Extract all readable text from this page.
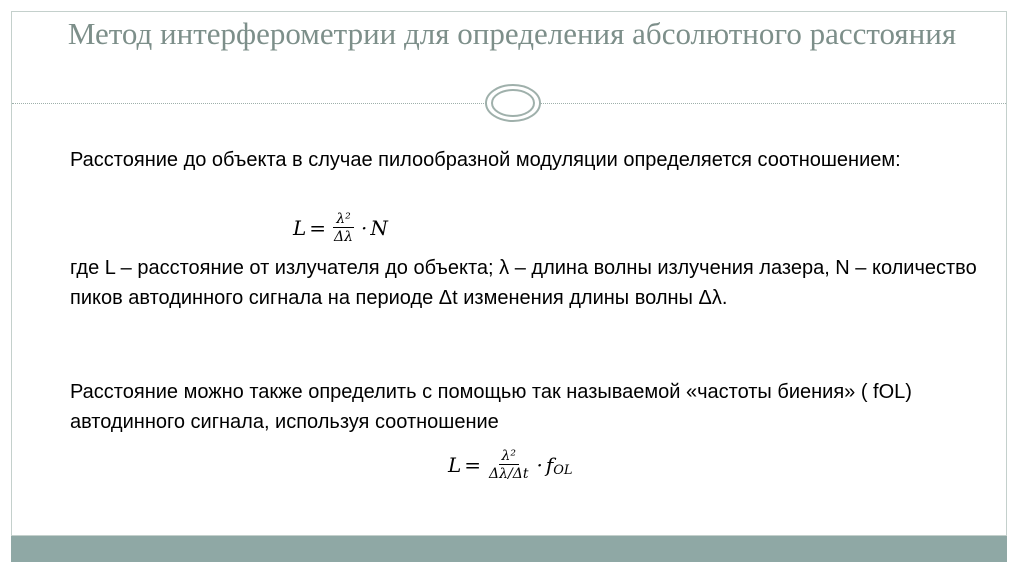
Метод интерферометрии для определения абсолютного расстояния
Расстояние до объекта в случае пилообразной модуляции определяется соотношением:
$L = \frac{\text{λ²}}{\Delta\lambda} \cdot N$
где L – расстояние от излучателя до объекта; λ – длина волны излучения лазера, N – количество пиков автодинного сигнала на периоде Δt изменения длины волны Δλ.
Расстояние можно также определить с помощью так называемой «частоты биения» ( fOL) автодинного сигнала, используя соотношение
$L = \frac{\text{λ²}}{\Delta\lambda/\Delta t} \cdot f$ OL
